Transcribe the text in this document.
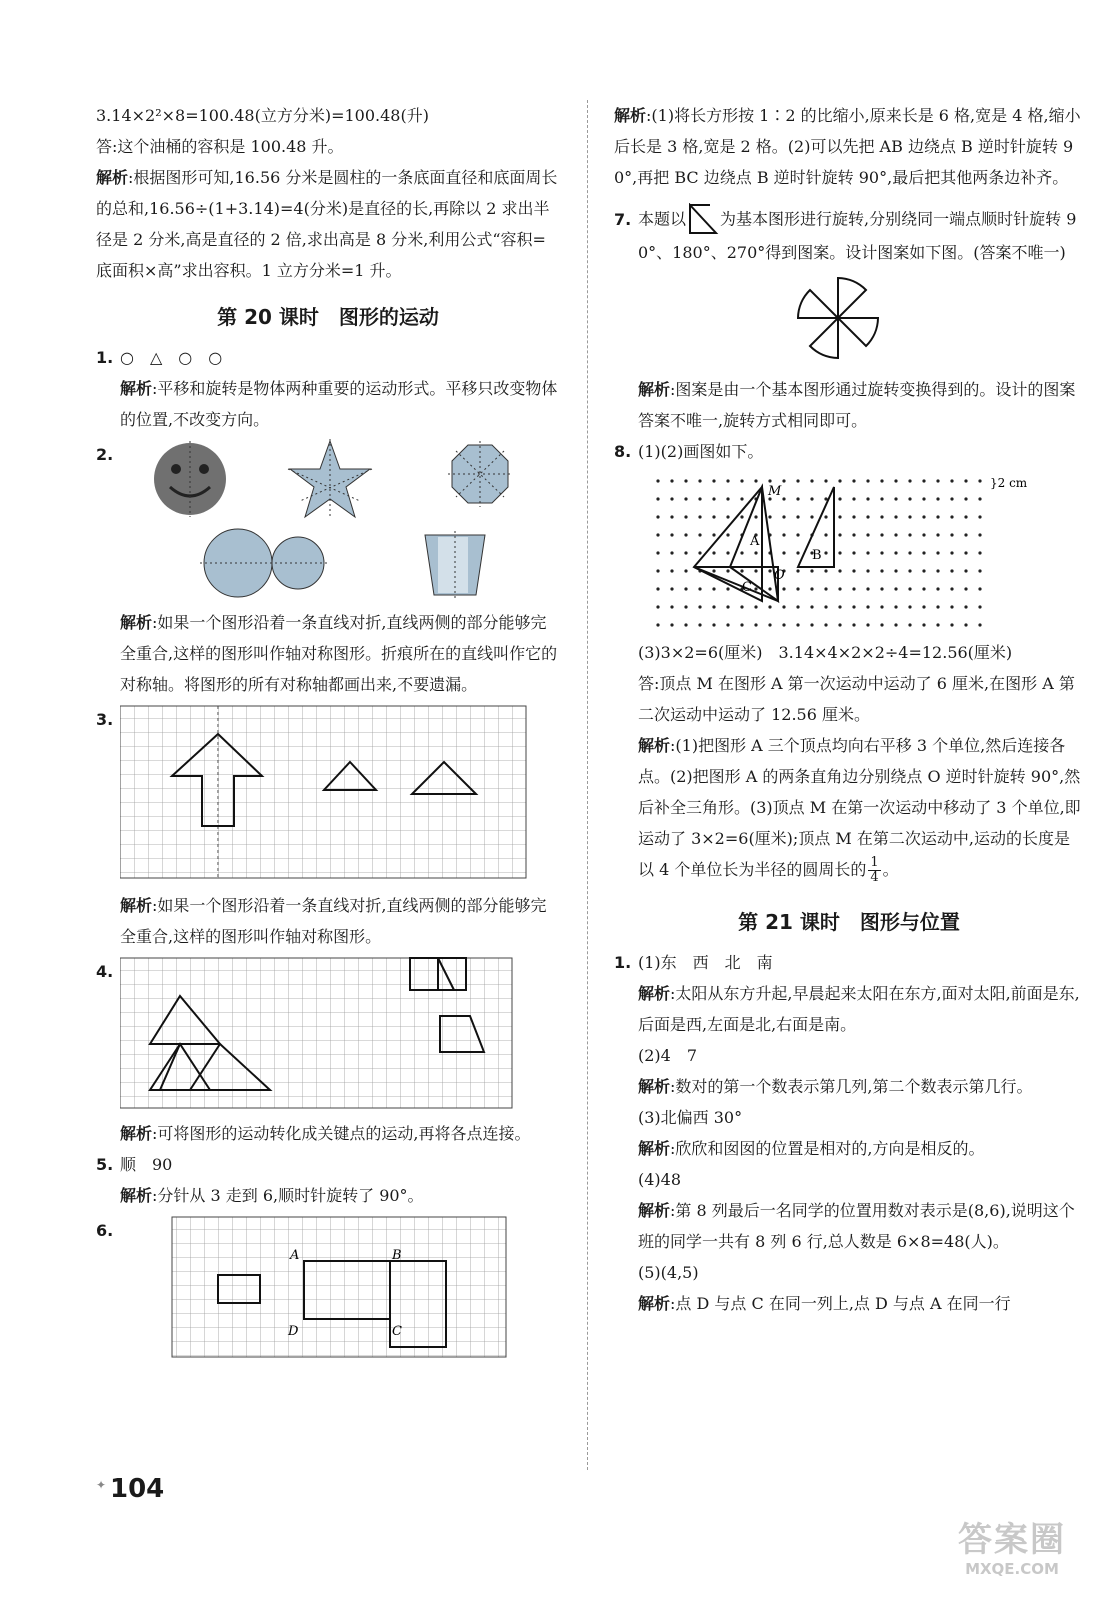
3.14×2²×8=100.48(立方分米)=100.48(升)

答:这个油桶的容积是 100.48 升。

解析:根据图形可知,16.56 分米是圆柱的一条底面直径和底面周长的总和,16.56÷(1+3.14)=4(分米)是直径的长,再除以 2 求出半径是 2 分米,高是直径的 2 倍,求出高是 8 分米,利用公式“容积=底面积×高”求出容积。1 立方分米=1 升。

第 20 课时 图形的运动

1. ○　△　○　○

解析:平移和旋转是物体两种重要的运动形式。平移只改变物体的位置,不改变方向。

2.

解析:如果一个图形沿着一条直线对折,直线两侧的部分能够完全重合,这样的图形叫作轴对称图形。折痕所在的直线叫作它的对称轴。将图形的所有对称轴都画出来,不要遗漏。

3.

解析:如果一个图形沿着一条直线对折,直线两侧的部分能够完全重合,这样的图形叫作轴对称图形。

4.

解析:可将图形的运动转化成关键点的运动,再将各点连接。

5. 顺　90

解析:分针从 3 走到 6,顺时针旋转了 90°。

6.
A	B
C
D

解析:(1)将长方形按 1∶2 的比缩小,原来长是 6 格,宽是 4 格,缩小后长是 3 格,宽是 2 格。(2)可以先把 AB 边绕点 B 逆时针旋转 90°,再把 BC 边绕点 B 逆时针旋转 90°,最后把其他两条边补齐。

7. 本题以 为基本图形进行旋转,分别绕同一端点顺时针旋转 90°、180°、270°得到图案。设计图案如下图。(答案不唯一)

解析:图案是由一个基本图形通过旋转变换得到的。设计的图案答案不唯一,旋转方式相同即可。

8. (1)(2)画图如下。

M
A
B
C
O
}2 cm

(3)3×2=6(厘米)　3.14×4×2×2÷4=12.56(厘米)

答:顶点 M 在图形 A 第一次运动中运动了 6 厘米,在图形 A 第二次运动中运动了 12.56 厘米。

解析:(1)把图形 A 三个顶点均向右平移 3 个单位,然后连接各点。(2)把图形 A 的两条直角边分别绕点 O 逆时针旋转 90°,然后补全三角形。(3)顶点 M 在第一次运动中移动了 3 个单位,即运动了 3×2=6(厘米);顶点 M 在第二次运动中,运动的长度是以 4 个单位长为半径的圆周长的 $\frac{1}{4}$ 。

第 21 课时 图形与位置

1. (1)东　西　北　南

解析:太阳从东方升起,早晨起来太阳在东方,面对太阳,前面是东,后面是西,左面是北,右面是南。

(2)4　7

解析:数对的第一个数表示第几列,第二个数表示第几行。

(3)北偏西 30°

解析:欣欣和囡囡的位置是相对的,方向是相反的。

(4)48

解析:第 8 列最后一名同学的位置用数对表示是(8,6),说明这个班的同学一共有 8 列 6 行,总人数是 6×8=48(人)。

(5)(4,5)

解析:点 D 与点 C 在同一列上,点 D 与点 A 在同一行

✦ 104
答案圈
MXQE.COM
